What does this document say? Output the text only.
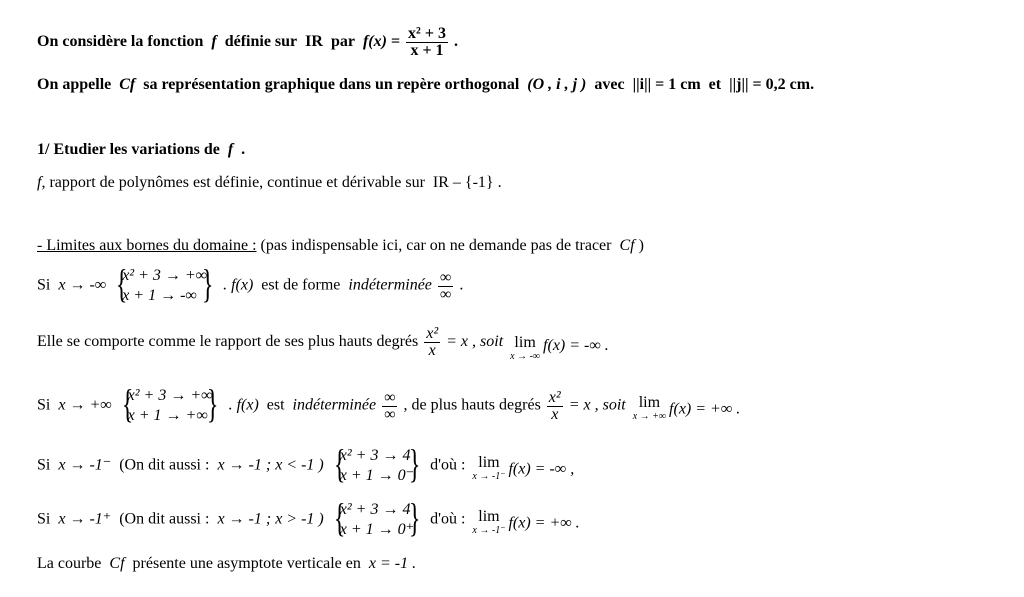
On considère la fonction f définie sur IR par $f(x) = \frac{\text{x² + 3}}{x + 1}$ .
On appelle Cf sa représentation graphique dans un repère orthogonal (O , i , j ) avec ||i|| = 1 cm et ||j|| = 0,2 cm.
1/ Etudier les variations de f .
f, rapport de polynômes est définie, continue et dérivable sur IR – {-1} .
- Limites aux bornes du domaine : (pas indispensable ici, car on ne demande pas de tracer Cf )
Si x → -∞ {
x² + 3 → +∞
x + 1 → -∞ } . f(x) est de forme indéterminée $\frac{\infty}{\infty}$ .
Elle se comporte comme le rapport de ses plus hauts degrés $\frac{\text{x²}}{x} = x$ , soit lim
x → -∞
f(x) = -∞ .
Si x → +∞ {
x² + 3 → +∞
x + 1 → +∞ } . f(x) est indéterminée $\frac{\infty}{\infty}$ , de plus hauts degrés $\frac{\text{x²}}{x} = x$ , soit lim
x → +∞ f(x) = +∞ .
Si x → -1⁻ (On dit aussi : x → -1 ; x < -1 ) {
x² + 3 → 4
x + 1 → 0⁻
} d'où : lim
x → -1⁻ f(x) = -∞ ,
Si x → -1⁺ (On dit aussi : x → -1 ; x > -1 ) {
x² + 3 → 4
x + 1 → 0⁺
} d'où : lim
x → -1⁻ f(x) = +∞ .
La courbe Cf présente une asymptote verticale en x = -1 .
